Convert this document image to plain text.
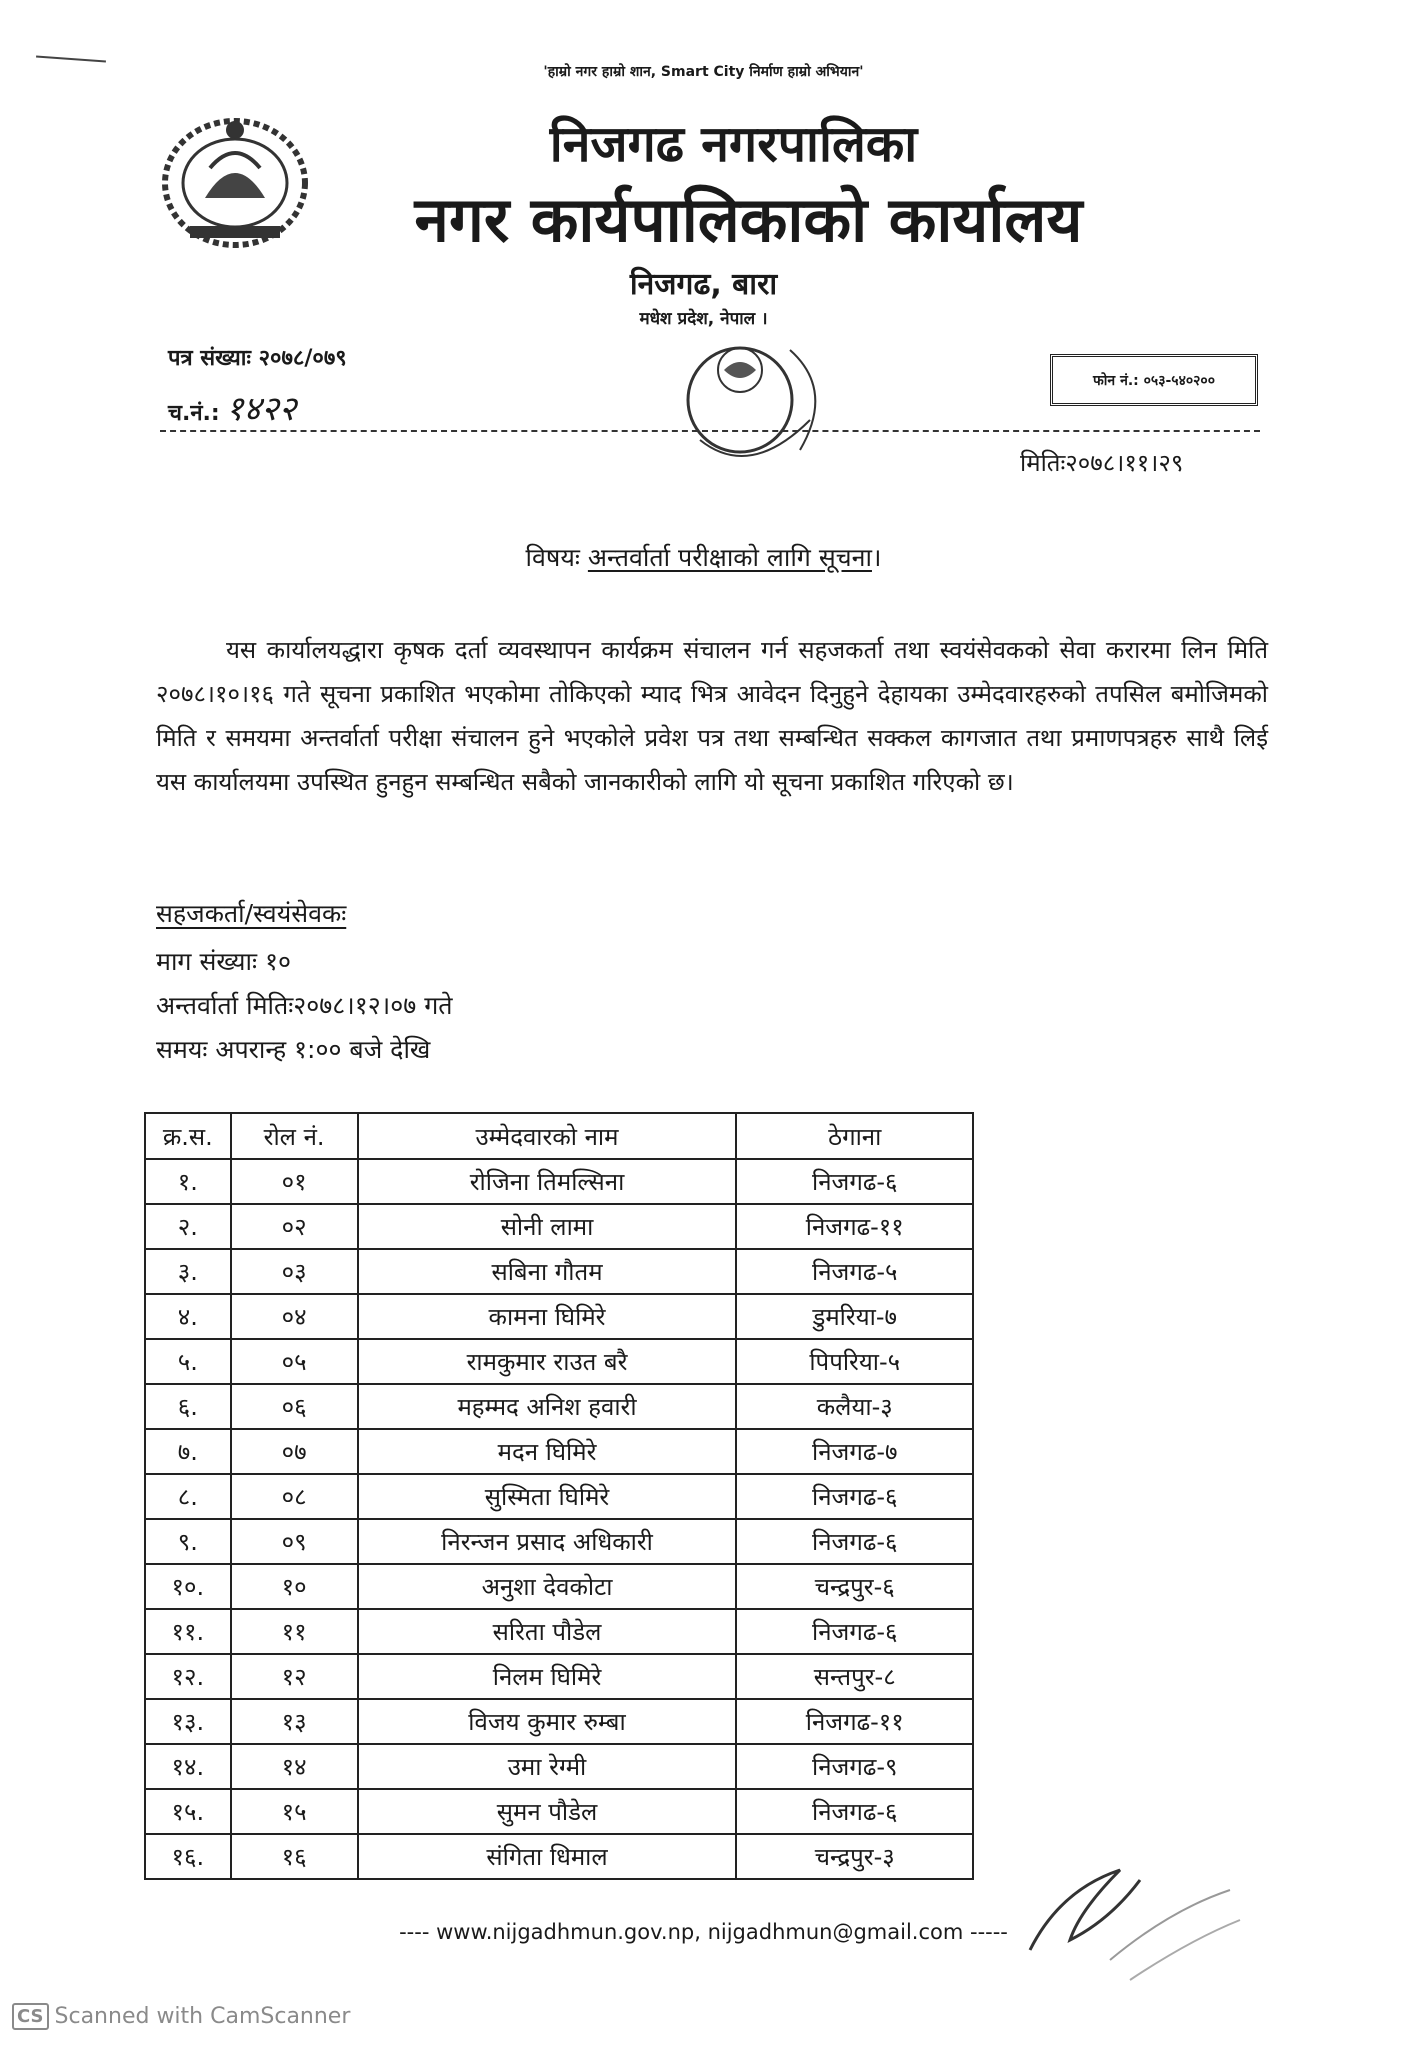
'हाम्रो नगर हाम्रो शान, Smart City निर्माण हाम्रो अभियान'
निजगढ नगरपालिका
नगर कार्यपालिकाको कार्यालय
निजगढ, बारा
मधेश प्रदेश, नेपाल ।
पत्र संख्याः २०७८/०७९
च.नं.: १४२२
फोन नं.: ०५३-५४०२००
मितिः२०७८।११।२९
विषयः अन्तर्वार्ता परीक्षाको लागि सूचना।
यस कार्यालयद्धारा कृषक दर्ता व्यवस्थापन कार्यक्रम संचालन गर्न सहजकर्ता तथा स्वयंसेवकको सेवा करारमा लिन मिति २०७८।१०।१६ गते सूचना प्रकाशित भएकोमा तोकिएको म्याद भित्र आवेदन दिनुहुने देहायका उम्मेदवारहरुको तपसिल बमोजिमको मिति र समयमा अन्तर्वार्ता परीक्षा संचालन हुने भएकोले प्रवेश पत्र तथा सम्बन्धित सक्कल कागजात तथा प्रमाणपत्रहरु साथै लिई यस कार्यालयमा उपस्थित हुनहुन सम्बन्धित सबैको जानकारीको लागि यो सूचना प्रकाशित गरिएको छ।
सहजकर्ता/स्वयंसेवकः
माग संख्याः १०
अन्तर्वार्ता मितिः२०७८।१२।०७ गते
समयः अपरान्ह १:०० बजे देखि
क्र.स.	रोल नं.	उम्मेदवारको नाम	ठेगाना
१.	०१	रोजिना तिमल्सिना	निजगढ-६
२.	०२	सोनी लामा	निजगढ-११
३.	०३	सबिना गौतम	निजगढ-५
४.	०४	कामना घिमिरे	डुमरिया-७
५.	०५	रामकुमार राउत बरै	पिपरिया-५
६.	०६	महम्मद अनिश हवारी	कलैया-३
७.	०७	मदन घिमिरे	निजगढ-७
८.	०८	सुस्मिता घिमिरे	निजगढ-६
९.	०९	निरन्जन प्रसाद अधिकारी	निजगढ-६
१०.	१०	अनुशा देवकोटा	चन्द्रपुर-६
११.	११	सरिता पौडेल	निजगढ-६
१२.	१२	निलम घिमिरे	सन्तपुर-८
१३.	१३	विजय कुमार रुम्बा	निजगढ-११
१४.	१४	उमा रेग्मी	निजगढ-९
१५.	१५	सुमन पौडेल	निजगढ-६
१६.	१६	संगिता धिमाल	चन्द्रपुर-३
---- www.nijgadhmun.gov.np, nijgadhmun@gmail.com -----
CS Scanned with CamScanner
